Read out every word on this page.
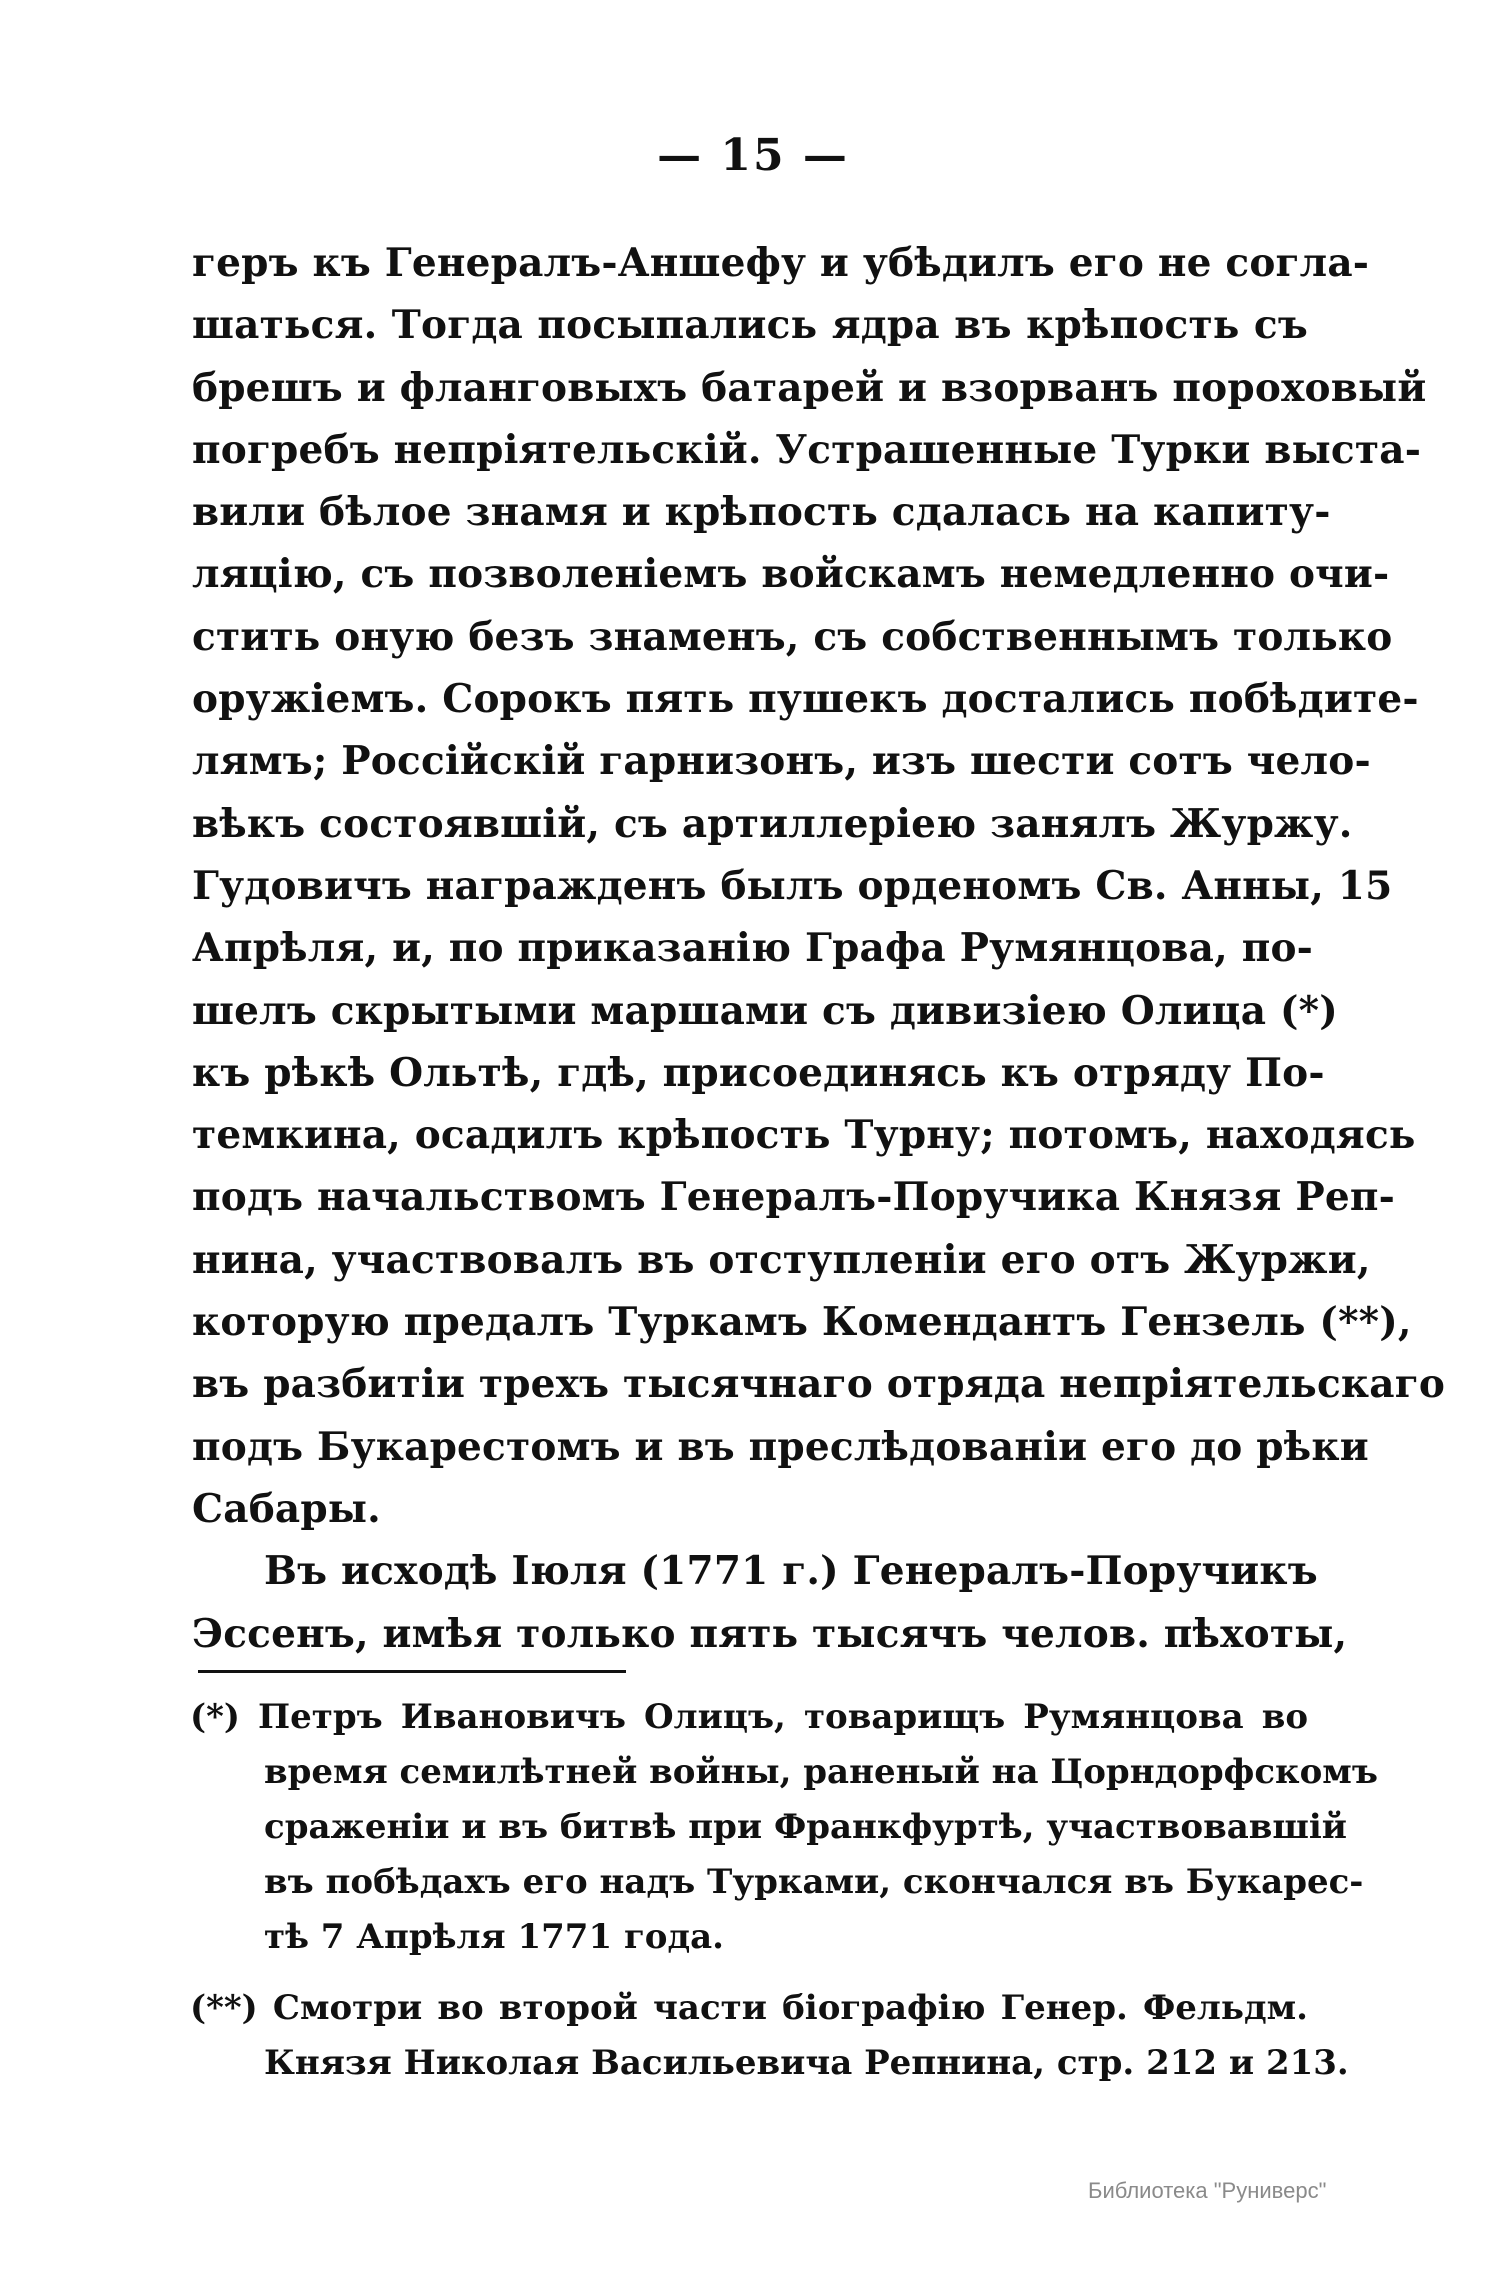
— 15 —
геръ къ Генералъ-Аншефу и убѣдилъ его не согла-
шаться. Тогда посыпались ядра въ крѣпость съ
брешъ и флангoвыхъ батарей и взорванъ пороховый
погребъ непріятельскій. Устрашенные Турки выста-
вили бѣлое знамя и крѣпость сдалась на капиту-
ляцію, съ позволеніемъ войскамъ немедленно очи-
стить оную безъ знаменъ, съ собственнымъ только
оружіемъ. Сорокъ пять пушекъ достались побѣдите-
лямъ; Россійскій гарнизонъ, изъ шести сотъ чело-
вѣкъ состоявшій, съ артиллеріею занялъ Журжу.
Гудовичъ награжденъ былъ орденомъ Св. Анны, 15
Апрѣля, и, по приказанію Графа Румянцова, по-
шелъ скрытыми маршами съ дивизіею Олица (*)
къ рѣкѣ Ольтѣ, гдѣ, присоединясь къ отряду По-
темкина, осадилъ крѣпость Турну; потомъ, находясь
подъ начальствомъ Генералъ-Поручика Князя Реп-
нина, участвовалъ въ отступленіи его отъ Журжи,
которую предалъ Туркамъ Комендантъ Гензель (**),
въ разбитіи трехъ тысячнаго отряда непріятельскаго
подъ Букарестомъ и въ преслѣдованіи его до рѣки
Сабары.
Въ исходѣ Іюля (1771 г.) Генералъ-Поручикъ
Эссенъ, имѣя только пять тысячъ челов. пѣхоты,
(*) Петръ Ивановичъ Олицъ, товарищъ Румянцова во
время семилѣтней войны, раненый на Цорндорфскомъ
сраженіи и въ битвѣ при Франкфуртѣ, участвовавшій
въ побѣдахъ его надъ Турками, скончался въ Букарес-
тѣ 7 Апрѣля 1771 года.
(**) Смотри во второй части біографію Генер. Фельдм.
Князя Николая Васильевича Репнина, стр. 212 и 213.
Библиотека "Руниверс"
